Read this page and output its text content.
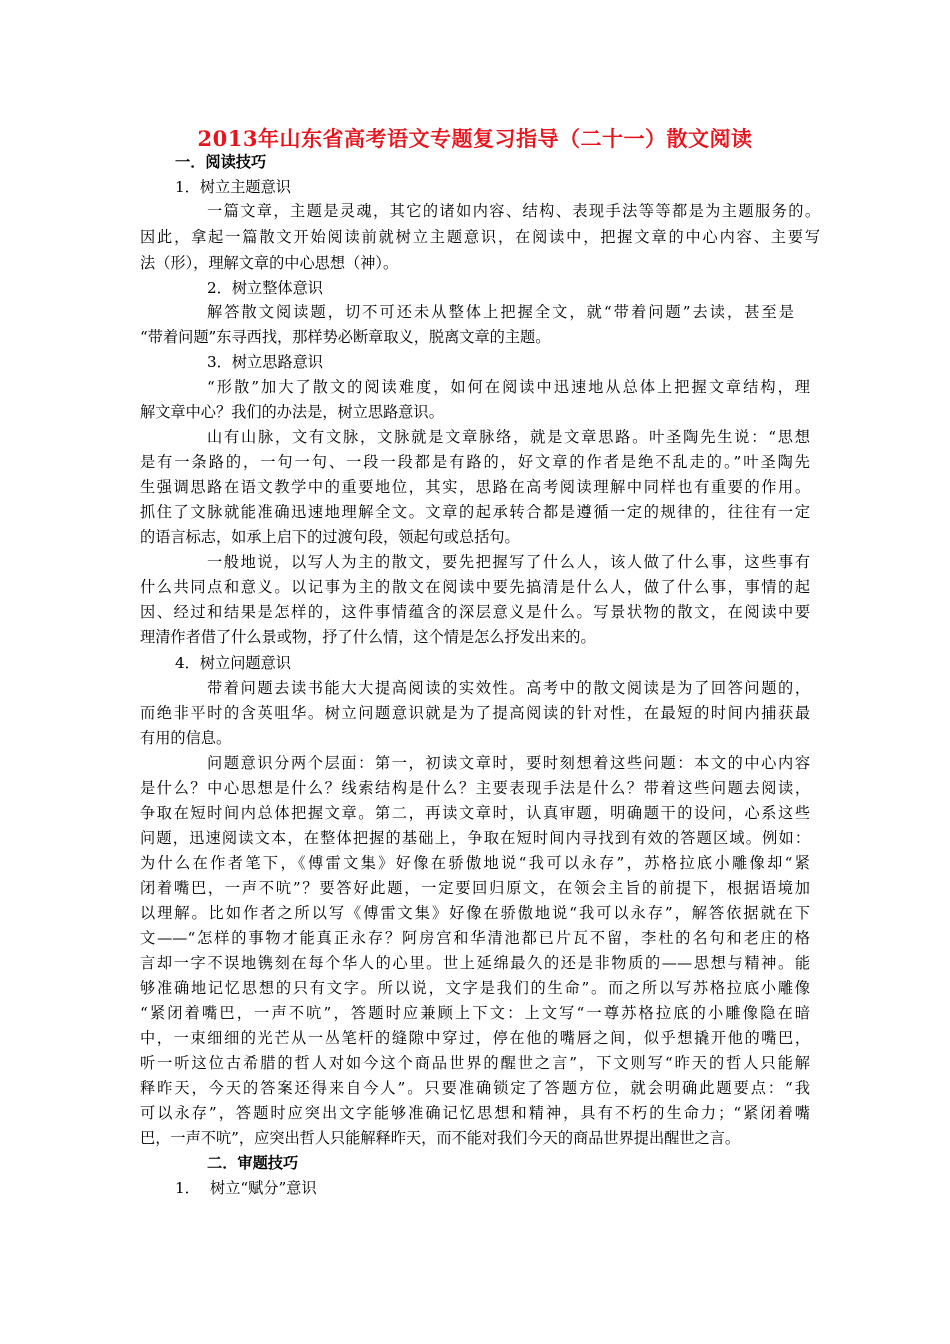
2013年山东省高考语文专题复习指导（二十一）散文阅读
一．阅读技巧
1．树立主题意识
一篇文章，主题是灵魂，其它的诸如内容、结构、表现手法等等都是为主题服务的。
因此，拿起一篇散文开始阅读前就树立主题意识，在阅读中，把握文章的中心内容、主要写
法（形），理解文章的中心思想（神）。
2．树立整体意识
解答散文阅读题，切不可还未从整体上把握全文，就“带着问题”去读，甚至是
“带着问题”东寻西找，那样势必断章取义，脱离文章的主题。
3．树立思路意识
“形散”加大了散文的阅读难度，如何在阅读中迅速地从总体上把握文章结构，理
解文章中心？我们的办法是，树立思路意识。
山有山脉，文有文脉，文脉就是文章脉络，就是文章思路。叶圣陶先生说：“思想
是有一条路的，一句一句、一段一段都是有路的，好文章的作者是绝不乱走的。”叶圣陶先
生强调思路在语文教学中的重要地位，其实，思路在高考阅读理解中同样也有重要的作用。
抓住了文脉就能准确迅速地理解全文。文章的起承转合都是遵循一定的规律的，往往有一定
的语言标志，如承上启下的过渡句段，领起句或总括句。
一般地说，以写人为主的散文，要先把握写了什么人，该人做了什么事，这些事有
什么共同点和意义。以记事为主的散文在阅读中要先搞清是什么人，做了什么事，事情的起
因、经过和结果是怎样的，这件事情蕴含的深层意义是什么。写景状物的散文，在阅读中要
理清作者借了什么景或物，抒了什么情，这个情是怎么抒发出来的。
4．树立问题意识
带着问题去读书能大大提高阅读的实效性。高考中的散文阅读是为了回答问题的，
而绝非平时的含英咀华。树立问题意识就是为了提高阅读的针对性，在最短的时间内捕获最
有用的信息。
问题意识分两个层面：第一，初读文章时，要时刻想着这些问题：本文的中心内容
是什么？中心思想是什么？线索结构是什么？主要表现手法是什么？带着这些问题去阅读，
争取在短时间内总体把握文章。第二，再读文章时，认真审题，明确题干的设问，心系这些
问题，迅速阅读文本，在整体把握的基础上，争取在短时间内寻找到有效的答题区域。例如：
为什么在作者笔下，《傅雷文集》好像在骄傲地说“我可以永存”，苏格拉底小雕像却“紧
闭着嘴巴，一声不吭”？要答好此题，一定要回归原文，在领会主旨的前提下，根据语境加
以理解。比如作者之所以写《傅雷文集》好像在骄傲地说“我可以永存”，解答依据就在下
文——“怎样的事物才能真正永存？阿房宫和华清池都已片瓦不留，李杜的名句和老庄的格
言却一字不误地镌刻在每个华人的心里。世上延绵最久的还是非物质的——思想与精神。能
够准确地记忆思想的只有文字。所以说，文字是我们的生命”。而之所以写苏格拉底小雕像
“紧闭着嘴巴，一声不吭”，答题时应兼顾上下文：上文写“一尊苏格拉底的小雕像隐在暗
中，一束细细的光芒从一丛笔杆的缝隙中穿过，停在他的嘴唇之间，似乎想撬开他的嘴巴，
听一听这位古希腊的哲人对如今这个商品世界的醒世之言”，下文则写“昨天的哲人只能解
释昨天，今天的答案还得来自今人”。只要准确锁定了答题方位，就会明确此题要点：“我
可以永存”，答题时应突出文字能够准确记忆思想和精神，具有不朽的生命力；“紧闭着嘴
巴，一声不吭”，应突出哲人只能解释昨天，而不能对我们今天的商品世界提出醒世之言。
二．审题技巧
1． 树立“赋分”意识
